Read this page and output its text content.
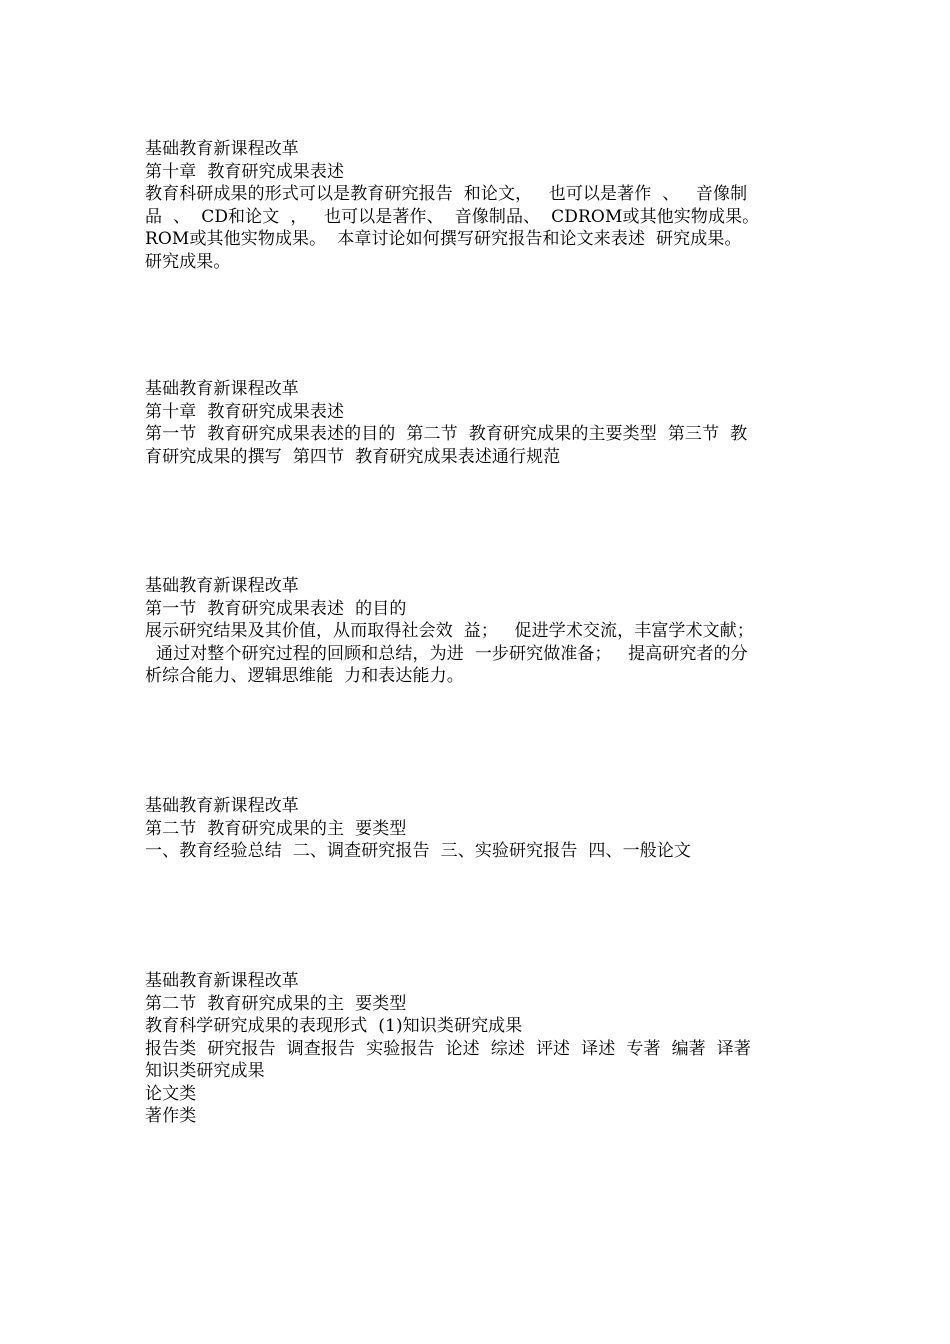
基础教育新课程改革
第十章  教育研究成果表述
教育科研成果的形式可以是教育研究报告  和论文，   也可以是著作  、   音像制
品  、  CD和论文  ，   也可以是著作、  音像制品、  CDROM或其他实物成果。
ROM或其他实物成果。  本章讨论如何撰写研究报告和论文来表述  研究成果。
研究成果。
基础教育新课程改革
第十章  教育研究成果表述
第一节  教育研究成果表述的目的  第二节  教育研究成果的主要类型  第三节  教
育研究成果的撰写  第四节  教育研究成果表述通行规范
基础教育新课程改革
第一节  教育研究成果表述  的目的
展示研究结果及其价值，从而取得社会效  益；   促进学术交流，丰富学术文献；
通过对整个研究过程的回顾和总结，为进  一步研究做准备；   提高研究者的分
析综合能力、逻辑思维能  力和表达能力。
基础教育新课程改革
第二节  教育研究成果的主  要类型
一、教育经验总结  二、调查研究报告  三、实验研究报告  四、一般论文
基础教育新课程改革
第二节  教育研究成果的主  要类型
教育科学研究成果的表现形式  (1)知识类研究成果
报告类  研究报告  调查报告  实验报告  论述  综述  评述  译述  专著  编著  译著
知识类研究成果
论文类
著作类
